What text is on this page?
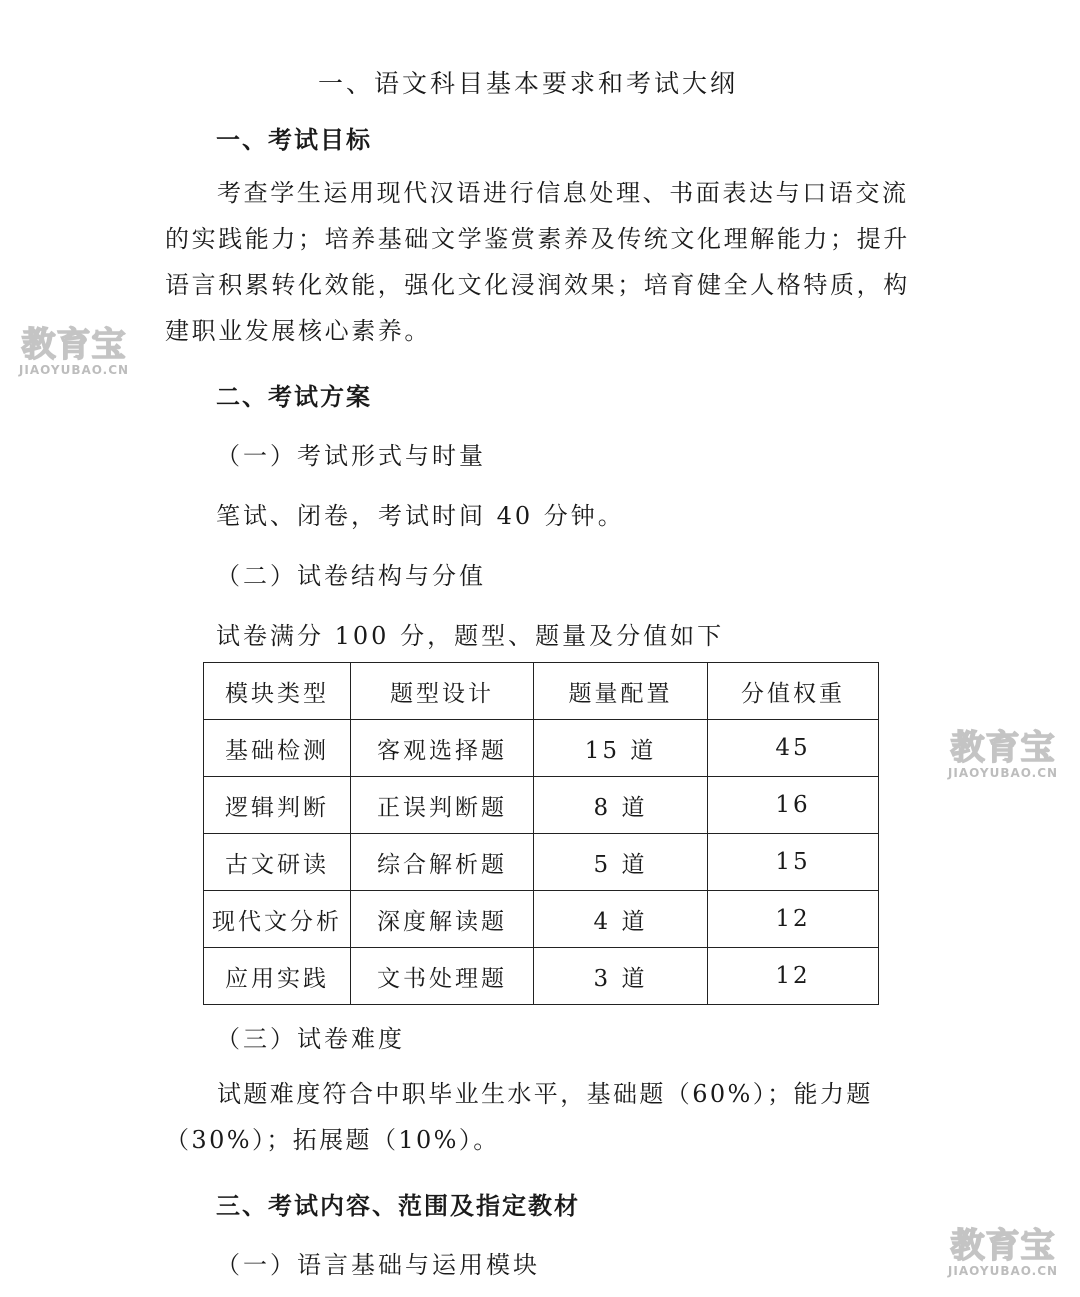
一、语文科目基本要求和考试大纲
一、考试目标
考查学生运用现代汉语进行信息处理、书面表达与口语交流的实践能力；培养基础文学鉴赏素养及传统文化理解能力；提升语言积累转化效能，强化文化浸润效果；培育健全人格特质，构建职业发展核心素养。
二、考试方案
（一）考试形式与时量
笔试、闭卷，考试时间 40 分钟。
（二）试卷结构与分值
试卷满分 100 分，题型、题量及分值如下
模块类型	题型设计	题量配置	分值权重
基础检测	客观选择题	15 道	45
逻辑判断	正误判断题	8 道	16
古文研读	综合解析题	5 道	15
现代文分析	深度解读题	4 道	12
应用实践	文书处理题	3 道	12
（三）试卷难度
试题难度符合中职毕业生水平，基础题（60%）；能力题（30%）；拓展题（10%）。
三、考试内容、范围及指定教材
（一）语言基础与运用模块
教育宝
JIAOYUBAO.CN
教育宝
JIAOYUBAO.CN
教育宝
JIAOYUBAO.CN
